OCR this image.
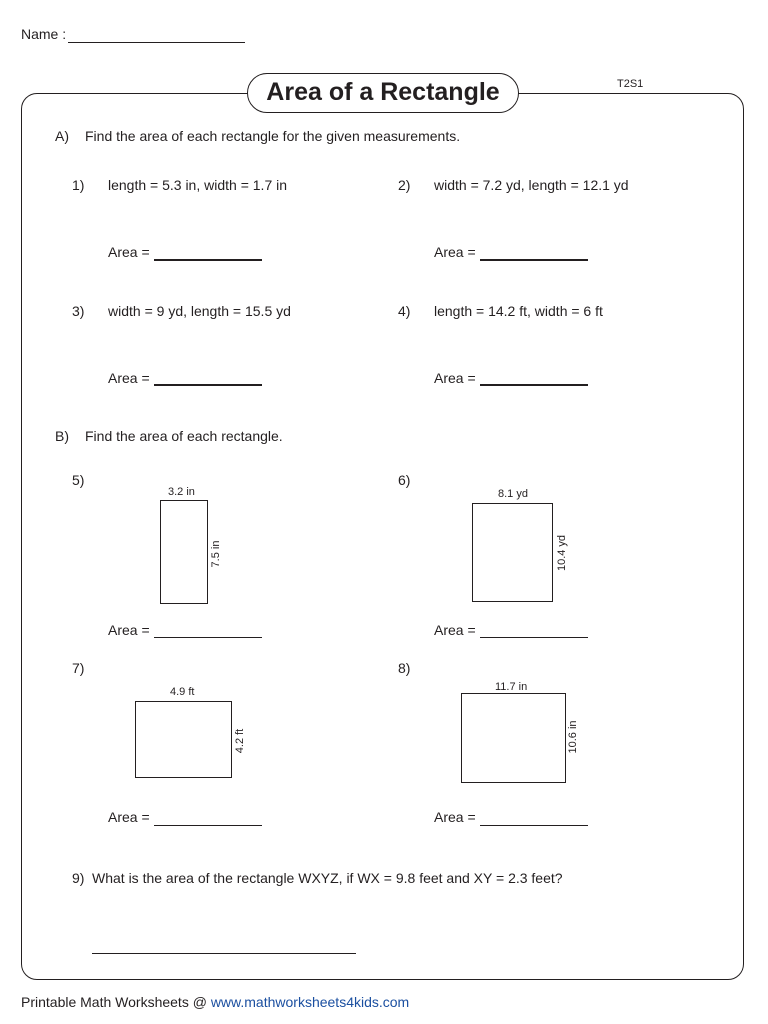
Name :
Area of a Rectangle	T2S1
A) Find the area of each rectangle for the given measurements.
1) length = 5.3 in, width = 1.7 in
Area =
2) width = 7.2 yd, length = 12.1 yd
Area =
3) width = 9 yd, length = 15.5 yd
Area =
4) length = 14.2 ft, width = 6 ft
Area =
B) Find the area of each rectangle.
5)
3.2 in
7.5 in
Area =
6)
8.1 yd
10.4 yd
Area =
7)
4.9 ft
4.2 ft
Area =
8)
11.7 in
10.6 in
Area =
9) What is the area of the rectangle WXYZ, if WX = 9.8 feet and XY = 2.3 feet?
Printable Math Worksheets @ www.mathworksheets4kids.com
